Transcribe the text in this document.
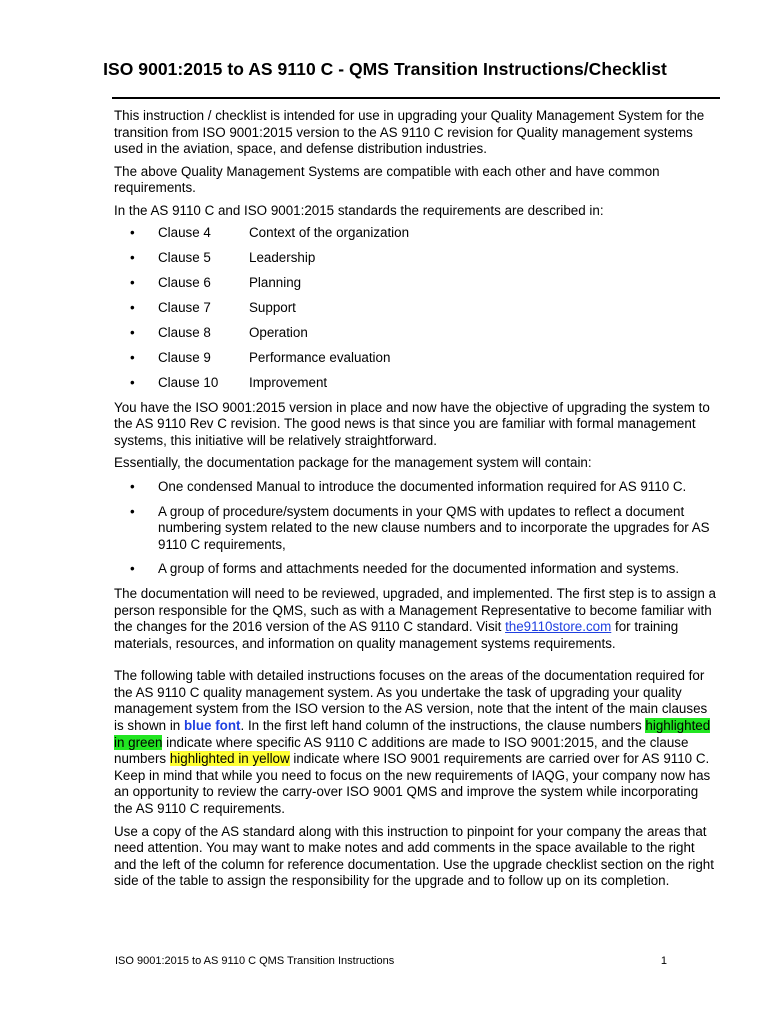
ISO 9001:2015 to AS 9110 C - QMS Transition Instructions/Checklist

This instruction / checklist is intended for use in upgrading your Quality Management System for the transition from ISO 9001:2015 version to the AS 9110 C revision for Quality management systems used in the aviation, space, and defense distribution industries.

The above Quality Management Systems are compatible with each other and have common requirements.

In the AS 9110 C and ISO 9001:2015 standards the requirements are described in:

• Clause 4	Context of the organization
• Clause 5	Leadership
• Clause 6	Planning
• Clause 7	Support
• Clause 8	Operation
• Clause 9	Performance evaluation
• Clause 10 Improvement

You have the ISO 9001:2015 version in place and now have the objective of upgrading the system to the AS 9110 Rev C revision. The good news is that since you are familiar with formal management systems, this initiative will be relatively straightforward.

Essentially, the documentation package for the management system will contain:

• One condensed Manual to introduce the documented information required for AS 9110 C.
• A group of procedure/system documents in your QMS with updates to reflect a document numbering system related to the new clause numbers and to incorporate the upgrades for AS 9110 C requirements,
• A group of forms and attachments needed for the documented information and systems.

The documentation will need to be reviewed, upgraded, and implemented. The first step is to assign a person responsible for the QMS, such as with a Management Representative to become familiar with the changes for the 2016 version of the AS 9110 C standard. Visit the9110store.com for training materials, resources, and information on quality management systems requirements.

The following table with detailed instructions focuses on the areas of the documentation required for the AS 9110 C quality management system. As you undertake the task of upgrading your quality management system from the ISO version to the AS version, note that the intent of the main clauses is shown in blue font. In the first left hand column of the instructions, the clause numbers highlighted in green indicate where specific AS 9110 C additions are made to ISO 9001:2015, and the clause numbers highlighted in yellow indicate where ISO 9001 requirements are carried over for AS 9110 C.

Keep in mind that while you need to focus on the new requirements of IAQG, your company now has an opportunity to review the carry-over ISO 9001 QMS and improve the system while incorporating the AS 9110 C requirements.

Use a copy of the AS standard along with this instruction to pinpoint for your company the areas that need attention. You may want to make notes and add comments in the space available to the right and the left of the column for reference documentation. Use the upgrade checklist section on the right side of the table to assign the responsibility for the upgrade and to follow up on its completion.

ISO 9001:2015 to AS 9110 C QMS Transition Instructions	1
